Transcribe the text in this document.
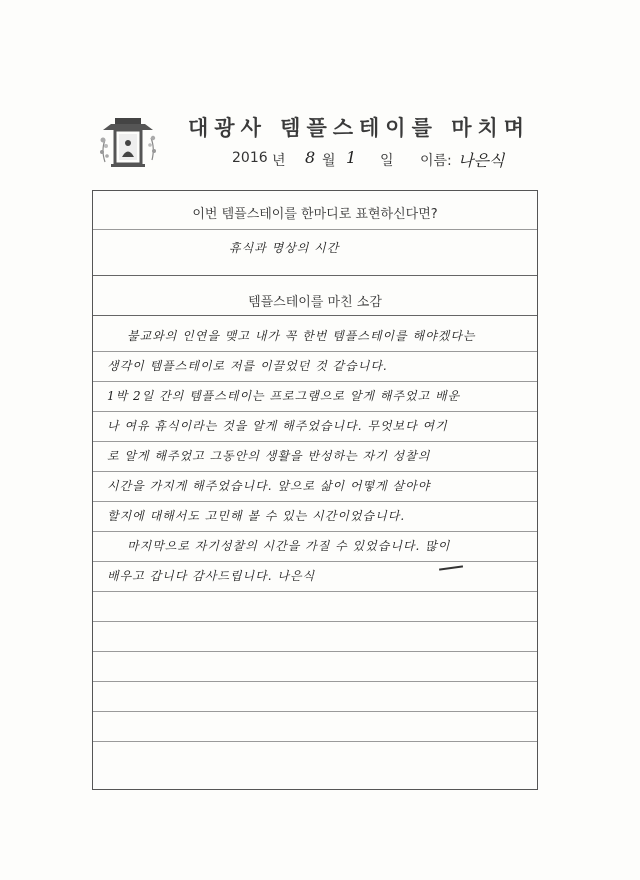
대광사 템플스테이를 마치며
2016 년 8 월 1 일 이름: 나은식
이번 템플스테이를 한마디로 표현하신다면?
휴식과 명상의 시간
템플스테이를 마친 소감
불교와의 인연을 맺고 내가 꼭 한번 템플스테이를 해야겠다는
생각이 템플스테이로 저를 이끌었던 것 같습니다.
1박 2일 간의 템플스테이는 프로그램으로 알게 해주었고 배운
나 여유 휴식이라는 것을 알게 해주었습니다. 무엇보다 여기
로 알게 해주었고 그동안의 생활을 반성하는 자기 성찰의
시간을 가지게 해주었습니다. 앞으로 삶이 어떻게 살아야
할지에 대해서도 고민해 볼 수 있는 시간이었습니다.
마지막으로 자기성찰의 시간을 가질 수 있었습니다. 많이
배우고 갑니다 감사드립니다. 나은식
